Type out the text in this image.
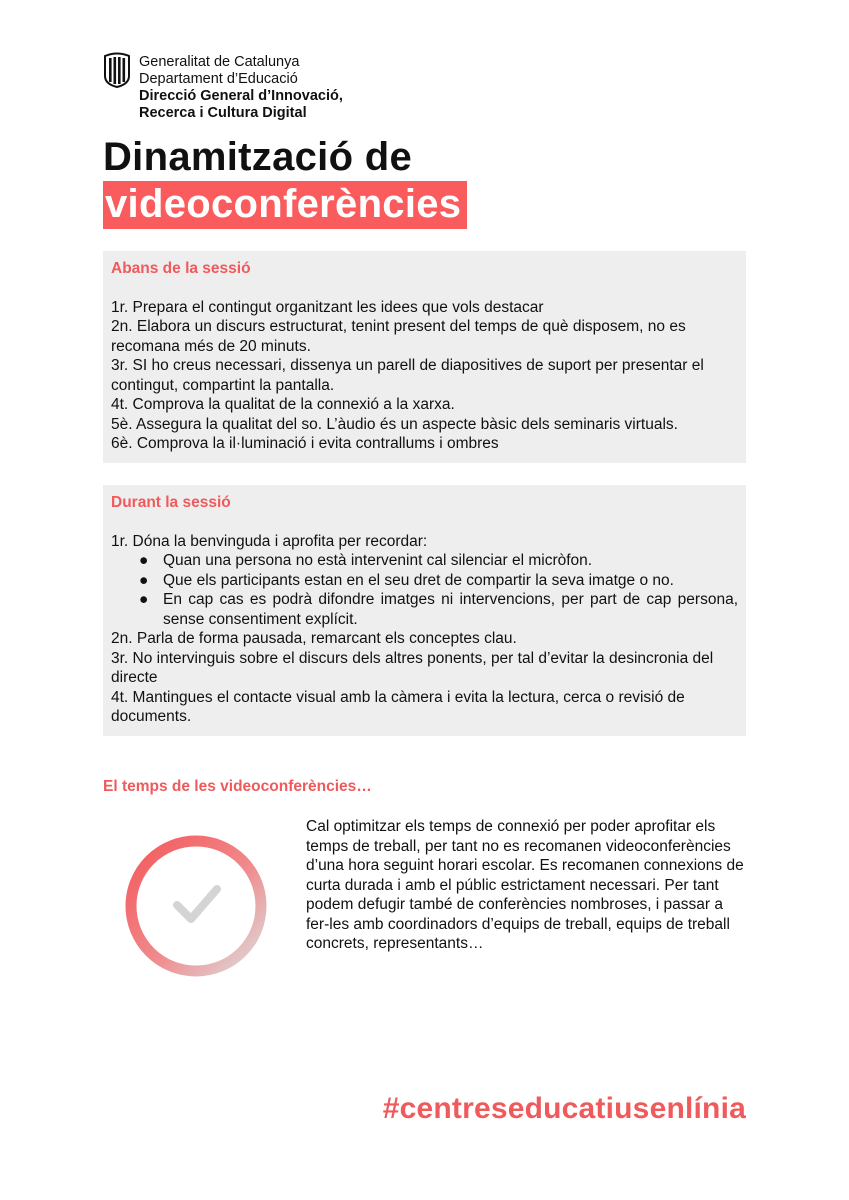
Generalitat de Catalunya
Departament d’Educació
Direcció General d’Innovació,
Recerca i Cultura Digital
Dinamització de
videoconferències
Abans de la sessió

1r. Prepara el contingut organitzant les idees que vols destacar

2n. Elabora un discurs estructurat, tenint present del temps de què disposem, no es recomana més de 20 minuts.

3r. SI ho creus necessari, dissenya un parell de diapositives de suport per presentar el contingut, compartint la pantalla.

4t. Comprova la qualitat de la connexió a la xarxa.

5è. Assegura la qualitat del so. L’àudio és un aspecte bàsic dels seminaris virtuals.

6è. Comprova la il·luminació i evita contrallums i ombres

Durant la sessió

1r. Dóna la benvinguda i aprofita per recordar:

● Quan una persona no està intervenint cal silenciar el micròfon.
● Que els participants estan en el seu dret de compartir la seva imatge o no.
● En cap cas es podrà difondre imatges ni intervencions, per part de cap persona, sense consentiment explícit.

2n. Parla de forma pausada, remarcant els conceptes clau.

3r. No intervinguis sobre el discurs dels altres ponents, per tal d’evitar la desincronia del directe

4t. Mantingues el contacte visual amb la càmera i evita la lectura, cerca o revisió de documents.

El temps de les videoconferències…

Cal optimitzar els temps de connexió per poder aprofitar els temps de treball, per tant no es recomanen videoconferències d’una hora seguint horari escolar. Es recomanen connexions de curta durada i amb el públic estrictament necessari. Per tant podem defugir també de conferències nombroses, i passar a fer-les amb coordinadors d’equips de treball, equips de treball concrets, representants…

#centreseducatiusenlínia
